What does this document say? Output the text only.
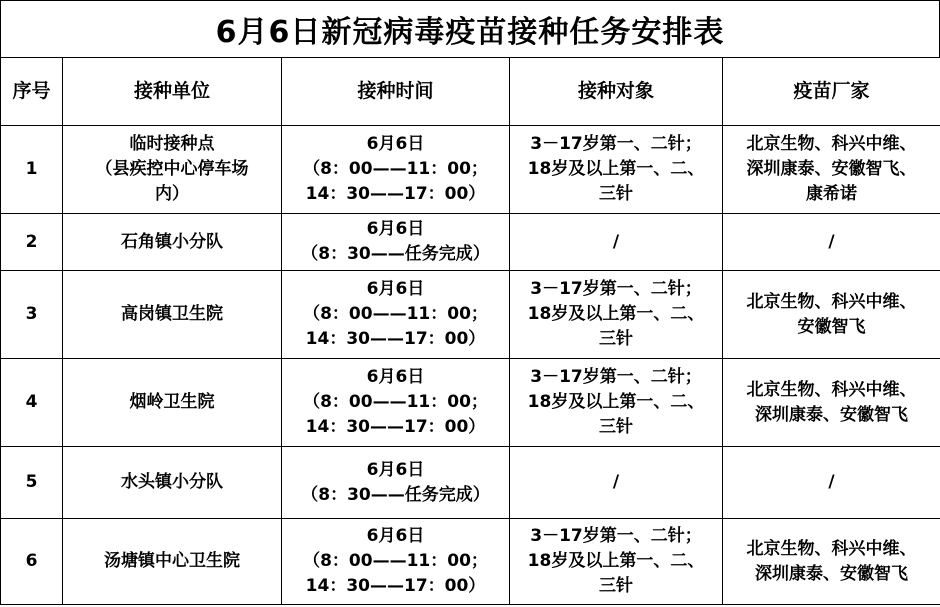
6月6日新冠病毒疫苗接种任务安排表
序号	接种单位	接种时间	接种对象	疫苗厂家
1	临时接种点
（县疾控中心停车场
内）	6月6日
（8：00——11：00；
14：30——17：00）	3－17岁第一、二针；
18岁及以上第一、二、
三针	北京生物、科兴中维、
深圳康泰、安徽智飞、
康希诺

2	石角镇小分队	6月6日
（8：30——任务完成）	/	/

3	高岗镇卫生院	6月6日
（8：00——11：00；
14：30——17：00）	3－17岁第一、二针；
18岁及以上第一、二、
三针	北京生物、科兴中维、
安徽智飞

4	烟岭卫生院	6月6日
（8：00——11：00；
14：30——17：00）	3－17岁第一、二针；
18岁及以上第一、二、
三针	北京生物、科兴中维、
深圳康泰、安徽智飞

5	水头镇小分队	6月6日
（8：30——任务完成）	/	/

6	汤塘镇中心卫生院	6月6日
（8：00——11：00；
14：30——17：00）	3－17岁第一、二针；
18岁及以上第一、二、
三针	北京生物、科兴中维、
深圳康泰、安徽智飞
